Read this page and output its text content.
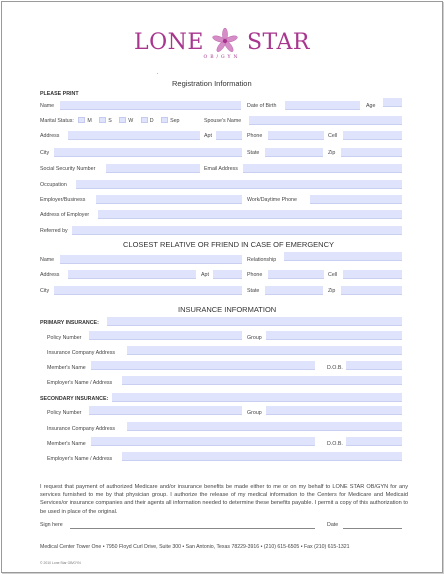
LONE STAR
OB/GYN
Registration Information
PLEASE PRINT
Name	Date of Birth	Age
Marital Status:	M	S	W	D	Sep	Spouse's Name
Address	Apt	Phone	Cell
City	State	Zip
Social Security Number	Email Address
Occupation
Employer/Business	Work/Daytime Phone
Address of Employer
Referred by
CLOSEST RELATIVE OR FRIEND IN CASE OF EMERGENCY
Name	Relationship
Address	Apt	Phone	Cell
City	State	Zip
INSURANCE INFORMATION
PRIMARY INSURANCE:
Policy Number	Group
Insurance Company Address
Member's Name	D.O.B.
Employer's Name / Address
SECONDARY INSURANCE:
Policy Number	Group
Insurance Company Address
Member's Name	D.O.B.
Employer's Name / Address
I request that payment of authorized Medicare and/or insurance benefits be made either to me or on my behalf to LONE STAR OB/GYN for any services furnished to me by that physician group. I authorize the release of my medical information to the Centers for Medicare and Medicaid Services/or insurance companies and their agents all information needed to determine these benefits payable. I permit a copy of this authorization to be used in place of the original.
Sign here	Date
Medical Center Tower One • 7950 Floyd Curl Drive, Suite 300 • San Antonio, Texas 78229-3916 • (210) 615-6505 • Fax (210) 615-1321
© 2010 Lone Star OB/GYN
